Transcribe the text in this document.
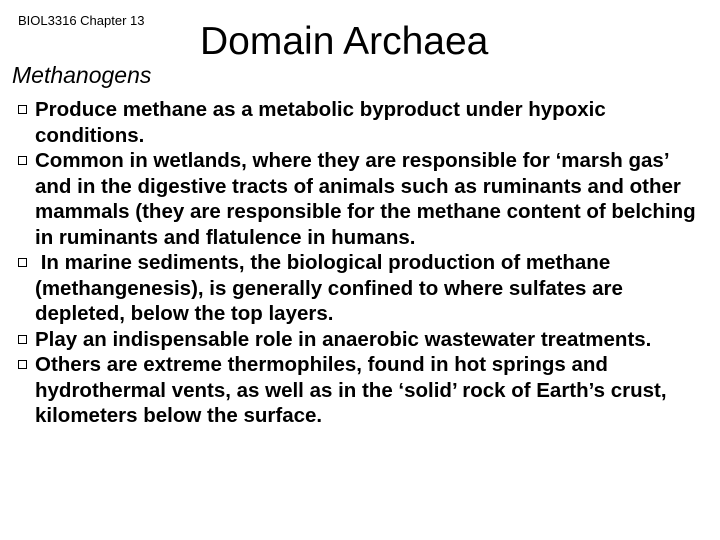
BIOL3316 Chapter 13 Domain Archaea
Methanogens
Produce methane as a metabolic byproduct under hypoxic conditions.
Common in wetlands, where they are responsible for ‘marsh gas’ and in the digestive tracts of animals such as ruminants and other mammals (they are responsible for the methane content of belching in ruminants and flatulence in humans.
In marine sediments, the biological production of methane (methangenesis), is generally confined to where sulfates are depleted, below the top layers.
Play an indispensable role in anaerobic wastewater treatments.
Others are extreme thermophiles, found in hot springs and hydrothermal vents, as well as in the ‘solid’ rock of Earth’s crust, kilometers below the surface.
